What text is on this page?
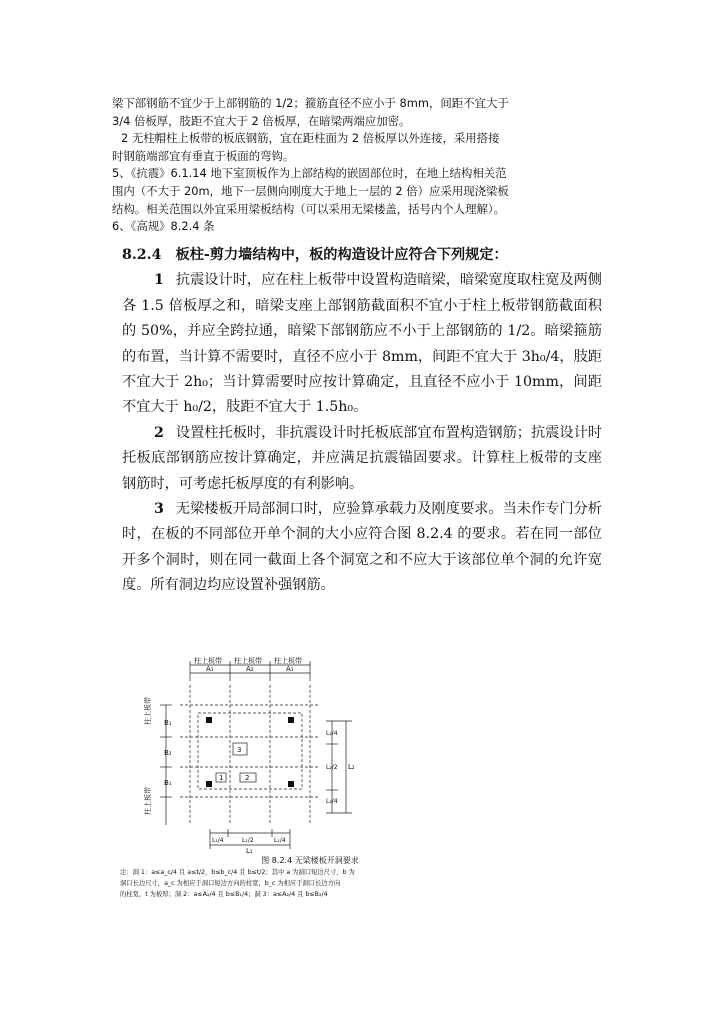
梁下部钢筋不宜少于上部钢筋的 1/2；箍筋直径不应小于 8mm，间距不宜大于

3/4 倍板厚，肢距不宜大于 2 倍板厚，在暗梁两端应加密。

2 无柱帽柱上板带的板底钢筋，宜在距柱面为 2 倍板厚以外连接，采用搭接

时钢筋端部宜有垂直于板面的弯钩。

5、《抗震》6.1.14 地下室顶板作为上部结构的嵌固部位时，在地上结构相关范

围内（不大于 20m，地下一层侧向刚度大于地上一层的 2 倍）应采用现浇梁板

结构。相关范围以外宜采用梁板结构（可以采用无梁楼盖，括号内个人理解）。

6、《高规》8.2.4 条

8.2.4 板柱-剪力墙结构中，板的构造设计应符合下列规定：

1 抗震设计时，应在柱上板带中设置构造暗梁，暗梁宽度取柱宽及两侧各 1.5 倍板厚之和，暗梁支座上部钢筋截面积不宜小于柱上板带钢筋截面积的 50%，并应全跨拉通，暗梁下部钢筋应不小于上部钢筋的 1/2。暗梁箍筋的布置，当计算不需要时，直径不应小于 8mm，间距不宜大于 3h₀/4，肢距不宜大于 2h₀；当计算需要时应按计算确定，且直径不应小于 10mm，间距不宜大于 h₀/2，肢距不宜大于 1.5h₀。

2 设置柱托板时，非抗震设计时托板底部宜布置构造钢筋；抗震设计时托板底部钢筋应按计算确定，并应满足抗震锚固要求。计算柱上板带的支座钢筋时，可考虑托板厚度的有利影响。

3 无梁楼板开局部洞口时，应验算承载力及刚度要求。当未作专门分析时，在板的不同部位开单个洞的大小应符合图 8.2.4 的要求。若在同一部位开多个洞时，则在同一截面上各个洞宽之和不应大于该部位单个洞的允许宽度。所有洞边均应设置补强钢筋。

柱上板带 柱上板带 柱上板带
A₁	A₂	A₁
柱上板带
柱上板带
B₁
B₂
B₁
L₂/4
L₂/2
L₂/4
L₂
L₁/4	L₁/2	L₁/4
L₁
3
2
1
图 8.2.4 无梁楼板开洞要求
注：洞 1：a≤a_c/4 且 a≤t/2，b≤b_c/4 且 b≤t/2；其中 a 为洞口短边尺寸，b 为
洞口长边尺寸，a_c 为相应于洞口短边方向的柱宽，b_c 为相应于洞口长边方向
的柱宽，t 为板厚；洞 2：a≤A₂/4 且 b≤B₁/4；洞 3：a≤A₂/4 且 b≤B₂/4
